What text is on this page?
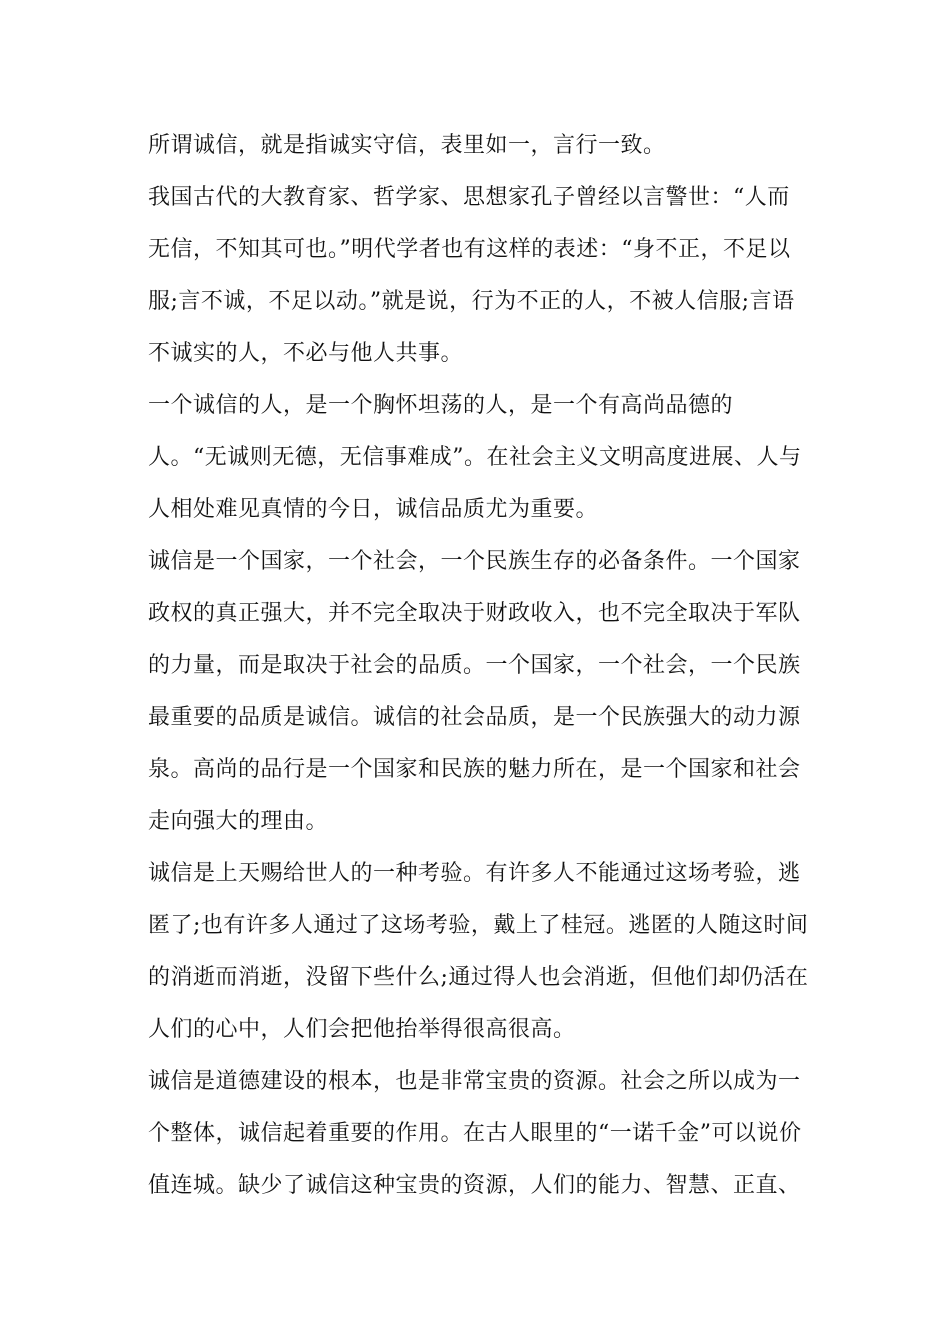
所谓诚信，就是指诚实守信，表里如一，言行一致。
我国古代的大教育家、哲学家、思想家孔子曾经以言警世：“人而
无信，不知其可也。”明代学者也有这样的表述：“身不正，不足以
服;言不诚，不足以动。”就是说，行为不正的人，不被人信服;言语
不诚实的人，不必与他人共事。
一个诚信的人，是一个胸怀坦荡的人，是一个有高尚品德的
人。“无诚则无德，无信事难成”。在社会主义文明高度进展、人与
人相处难见真情的今日，诚信品质尤为重要。
诚信是一个国家，一个社会，一个民族生存的必备条件。一个国家
政权的真正强大，并不完全取决于财政收入，也不完全取决于军队
的力量，而是取决于社会的品质。一个国家，一个社会，一个民族
最重要的品质是诚信。诚信的社会品质，是一个民族强大的动力源
泉。高尚的品行是一个国家和民族的魅力所在，是一个国家和社会
走向强大的理由。
诚信是上天赐给世人的一种考验。有许多人不能通过这场考验，逃
匿了;也有许多人通过了这场考验，戴上了桂冠。逃匿的人随这时间
的消逝而消逝，没留下些什么;通过得人也会消逝，但他们却仍活在
人们的心中，人们会把他抬举得很高很高。
诚信是道德建设的根本，也是非常宝贵的资源。社会之所以成为一
个整体，诚信起着重要的作用。在古人眼里的“一诺千金”可以说价
值连城。缺少了诚信这种宝贵的资源，人们的能力、智慧、正直、
